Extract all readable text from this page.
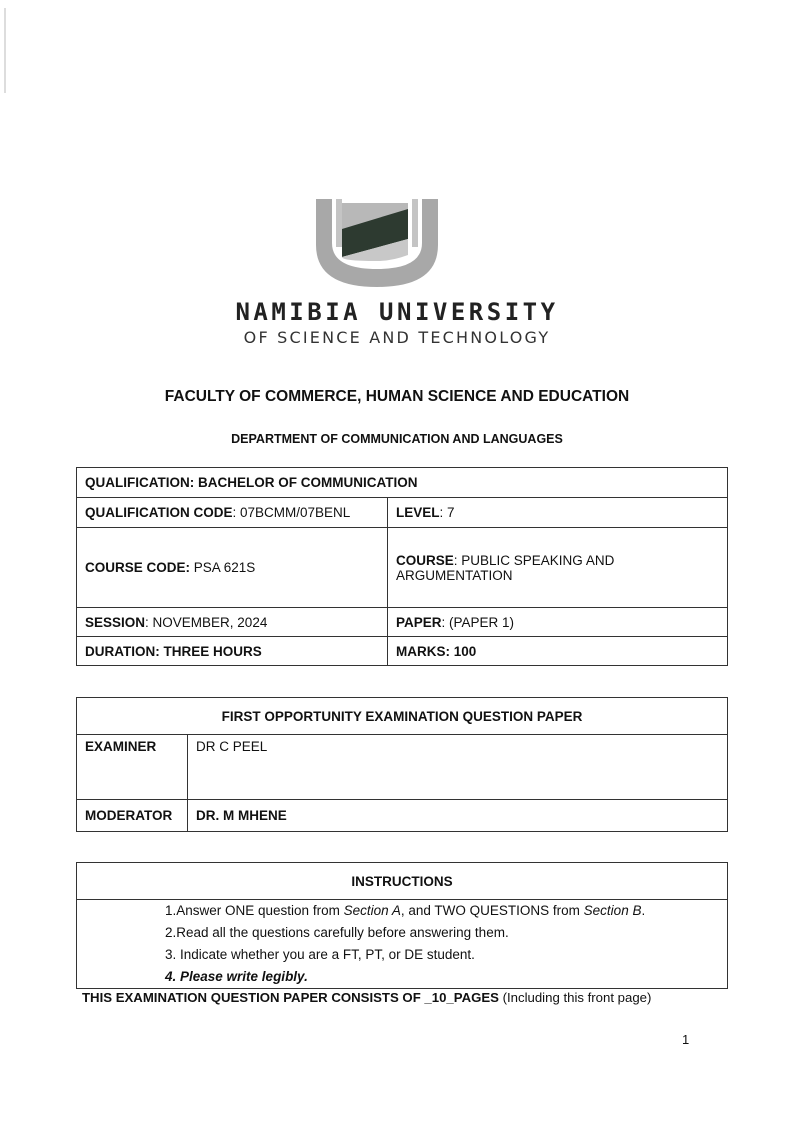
NAMIBIA UNIVERSITY
OF SCIENCE AND TECHNOLOGY
FACULTY OF COMMERCE, HUMAN SCIENCE AND EDUCATION
DEPARTMENT OF COMMUNICATION AND LANGUAGES
QUALIFICATION: BACHELOR OF COMMUNICATION	
QUALIFICATION CODE: 07BCMM/07BENL	LEVEL: 7
COURSE CODE: PSA 621S	COURSE: PUBLIC SPEAKING AND ARGUMENTATION
SESSION: NOVEMBER, 2024	PAPER: (PAPER 1)
DURATION: THREE HOURS	MARKS: 100
FIRST OPPORTUNITY EXAMINATION QUESTION PAPER	
EXAMINER	DR C PEEL
MODERATOR	DR. M MHENE
INSTRUCTIONS

1.Answer ONE question from Section A, and TWO QUESTIONS from Section B.
2.Read all the questions carefully before answering them.
3. Indicate whether you are a FT, PT, or DE student.
4. Please write legibly.
THIS EXAMINATION QUESTION PAPER CONSISTS OF _10_PAGES (Including this front page)
1
